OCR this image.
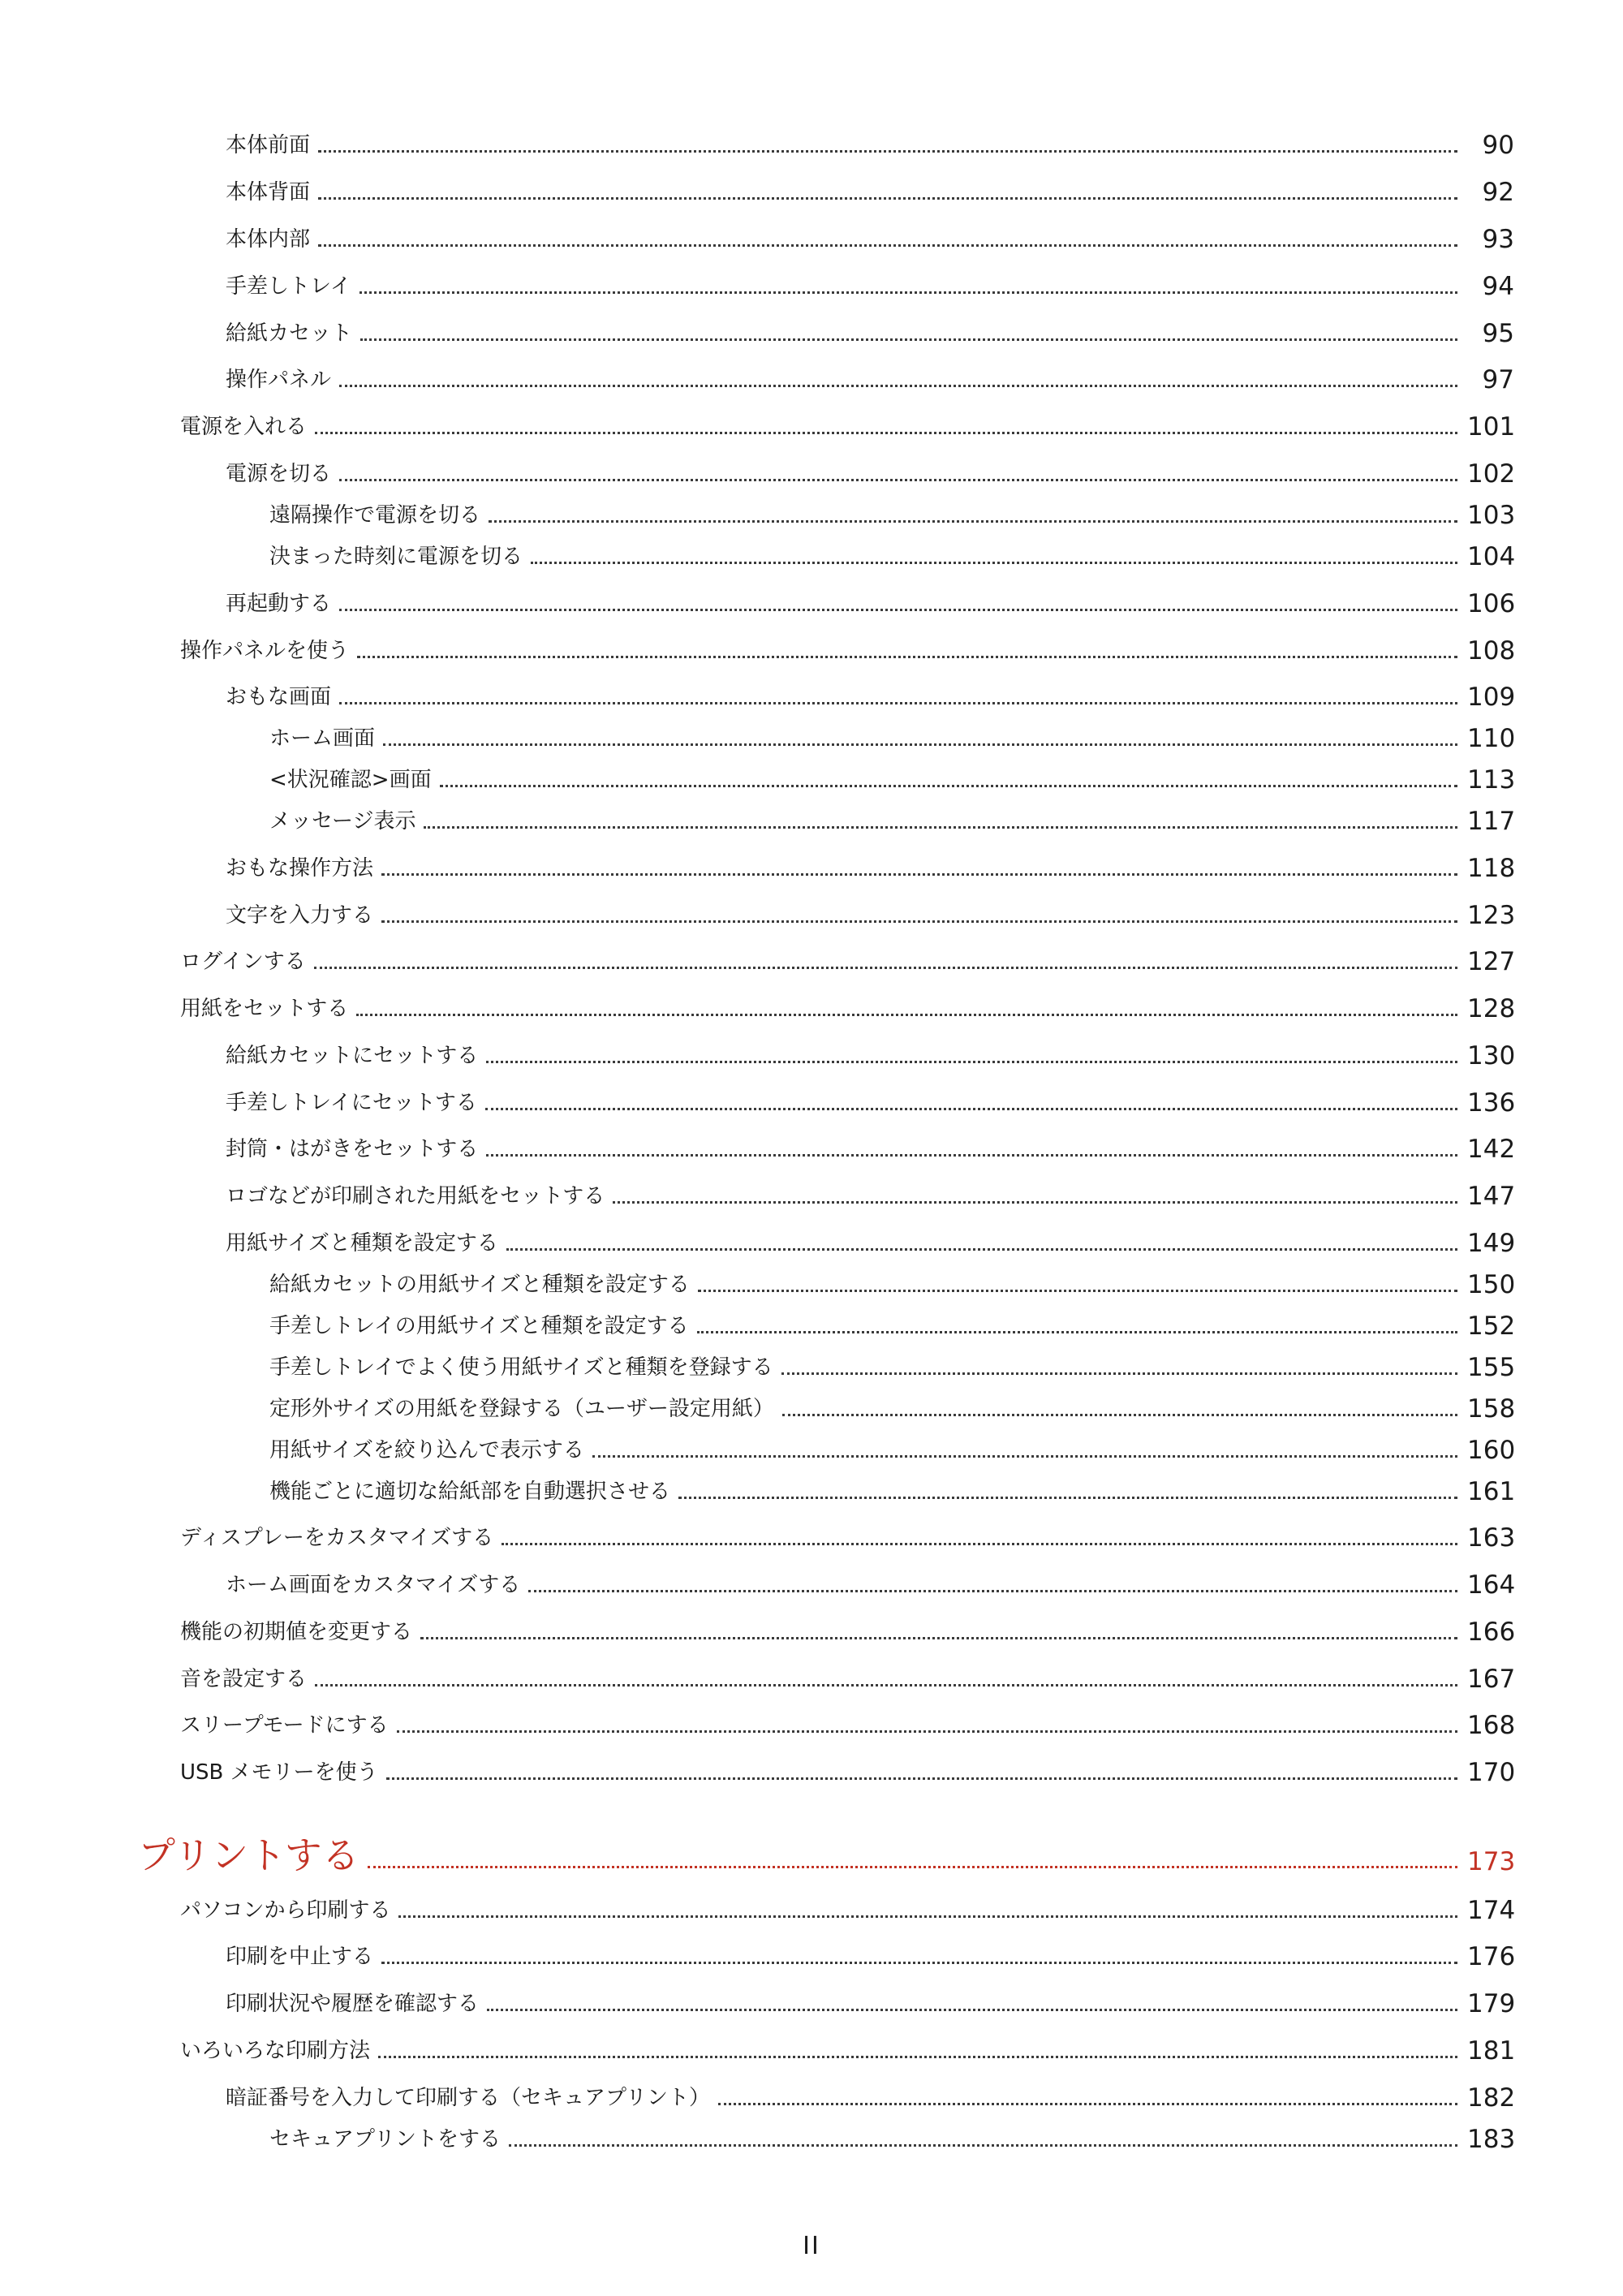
本体前面	90
本体背面	92
本体内部	93
手差しトレイ	94
給紙カセット	95
操作パネル	97
電源を入れる	101
電源を切る	102
遠隔操作で電源を切る	103
決まった時刻に電源を切る	104
再起動する	106
操作パネルを使う	108
おもな画面	109
ホーム画面	110
<状況確認>画面	113
メッセージ表示	117
おもな操作方法	118
文字を入力する	123
ログインする	127
用紙をセットする	128
給紙カセットにセットする	130
手差しトレイにセットする	136
封筒・はがきをセットする	142
ロゴなどが印刷された用紙をセットする	147
用紙サイズと種類を設定する	149
給紙カセットの用紙サイズと種類を設定する	150
手差しトレイの用紙サイズと種類を設定する	152
手差しトレイでよく使う用紙サイズと種類を登録する	155
定形外サイズの用紙を登録する（ユーザー設定用紙）	158
用紙サイズを絞り込んで表示する	160
機能ごとに適切な給紙部を自動選択させる	161
ディスプレーをカスタマイズする	163
ホーム画面をカスタマイズする	164
機能の初期値を変更する	166
音を設定する	167
スリープモードにする	168
USB メモリーを使う	170
プリントする	173
パソコンから印刷する	174
印刷を中止する	176
印刷状況や履歴を確認する	179
いろいろな印刷方法	181
暗証番号を入力して印刷する（セキュアプリント）	182
セキュアプリントをする	183
II
